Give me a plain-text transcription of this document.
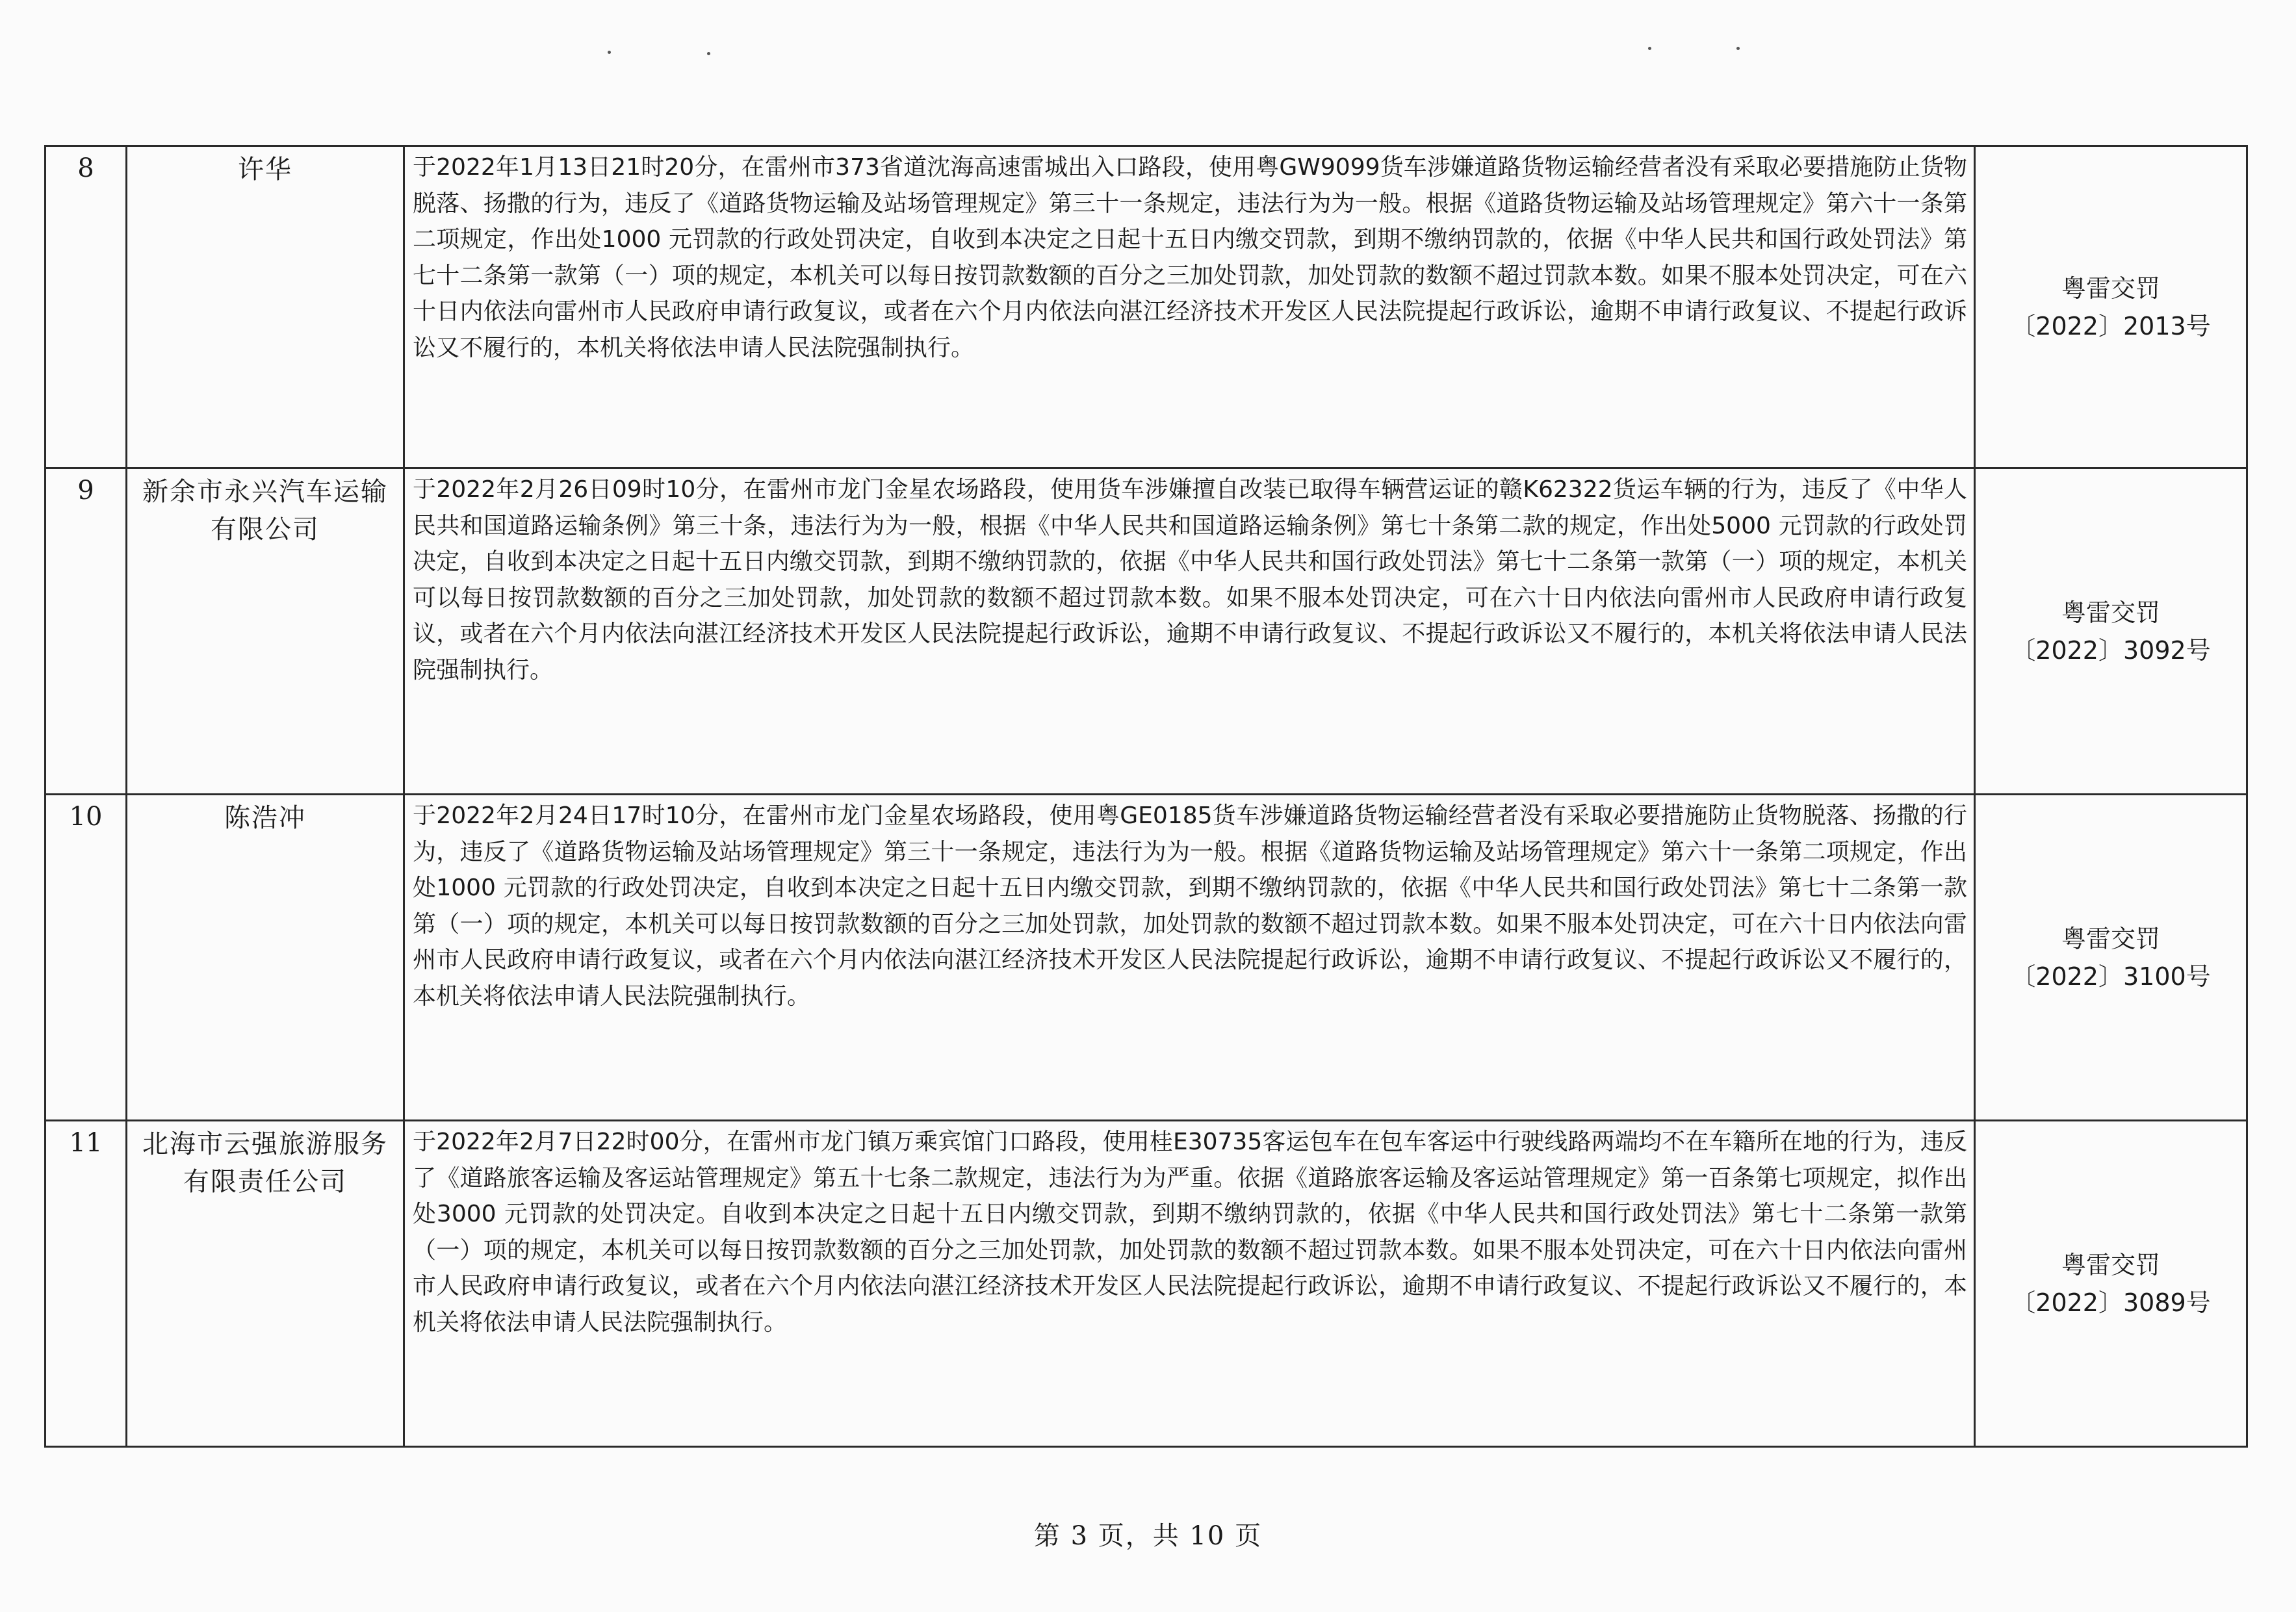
8	许华	于2022年1月13日21时20分，在雷州市373省道沈海高速雷城出入口路段，使用粤GW9099货车涉嫌道路货物运输经营者没有采取必要措施防止货物脱落、扬撒的行为，违反了《道路货物运输及站场管理规定》第三十一条规定，违法行为为一般。根据《道路货物运输及站场管理规定》第六十一条第二项规定，作出处1000 元罚款的行政处罚决定，自收到本决定之日起十五日内缴交罚款，到期不缴纳罚款的，依据《中华人民共和国行政处罚法》第七十二条第一款第（一）项的规定，本机关可以每日按罚款数额的百分之三加处罚款，加处罚款的数额不超过罚款本数。如果不服本处罚决定，可在六十日内依法向雷州市人民政府申请行政复议，或者在六个月内依法向湛江经济技术开发区人民法院提起行政诉讼，逾期不申请行政复议、不提起行政诉讼又不履行的，本机关将依法申请人民法院强制执行。	粤雷交罚
〔2022〕2013号

9	新余市永兴汽车运输有限公司	于2022年2月26日09时10分，在雷州市龙门金星农场路段，使用货车涉嫌擅自改装已取得车辆营运证的赣K62322货运车辆的行为，违反了《中华人民共和国道路运输条例》第三十条，违法行为为一般，根据《中华人民共和国道路运输条例》第七十条第二款的规定，作出处5000 元罚款的行政处罚决定，自收到本决定之日起十五日内缴交罚款，到期不缴纳罚款的，依据《中华人民共和国行政处罚法》第七十二条第一款第（一）项的规定，本机关可以每日按罚款数额的百分之三加处罚款，加处罚款的数额不超过罚款本数。如果不服本处罚决定，可在六十日内依法向雷州市人民政府申请行政复议，或者在六个月内依法向湛江经济技术开发区人民法院提起行政诉讼，逾期不申请行政复议、不提起行政诉讼又不履行的，本机关将依法申请人民法院强制执行。	粤雷交罚
〔2022〕3092号

10	陈浩冲	于2022年2月24日17时10分，在雷州市龙门金星农场路段，使用粤GE0185货车涉嫌道路货物运输经营者没有采取必要措施防止货物脱落、扬撒的行为，违反了《道路货物运输及站场管理规定》第三十一条规定，违法行为为一般。根据《道路货物运输及站场管理规定》第六十一条第二项规定，作出处1000 元罚款的行政处罚决定，自收到本决定之日起十五日内缴交罚款，到期不缴纳罚款的，依据《中华人民共和国行政处罚法》第七十二条第一款第（一）项的规定，本机关可以每日按罚款数额的百分之三加处罚款，加处罚款的数额不超过罚款本数。如果不服本处罚决定，可在六十日内依法向雷州市人民政府申请行政复议，或者在六个月内依法向湛江经济技术开发区人民法院提起行政诉讼，逾期不申请行政复议、不提起行政诉讼又不履行的，本机关将依法申请人民法院强制执行。	粤雷交罚
〔2022〕3100号

11	北海市云强旅游服务有限责任公司	于2022年2月7日22时00分，在雷州市龙门镇万乘宾馆门口路段，使用桂E30735客运包车在包车客运中行驶线路两端均不在车籍所在地的行为，违反了《道路旅客运输及客运站管理规定》第五十七条二款规定，违法行为为严重。依据《道路旅客运输及客运站管理规定》第一百条第七项规定，拟作出处3000 元罚款的处罚决定。自收到本决定之日起十五日内缴交罚款，到期不缴纳罚款的，依据《中华人民共和国行政处罚法》第七十二条第一款第（一）项的规定，本机关可以每日按罚款数额的百分之三加处罚款，加处罚款的数额不超过罚款本数。如果不服本处罚决定，可在六十日内依法向雷州市人民政府申请行政复议，或者在六个月内依法向湛江经济技术开发区人民法院提起行政诉讼，逾期不申请行政复议、不提起行政诉讼又不履行的，本机关将依法申请人民法院强制执行。	粤雷交罚
〔2022〕3089号
第 3 页，共 10 页
